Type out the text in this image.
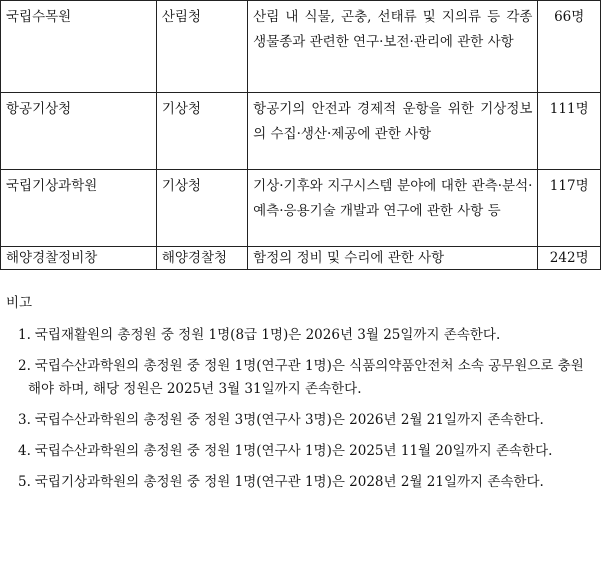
국립수목원	산림청	산림 내 식물, 곤충, 선태류 및 지의류 등 각종 생물종과 관련한 연구·보전·관리에 관한 사항	66명
항공기상청	기상청	항공기의 안전과 경제적 운항을 위한 기상정보의 수집·생산·제공에 관한 사항	111명
국립기상과학원	기상청	기상·기후와 지구시스템 분야에 대한 관측·분석·예측·응용기술 개발과 연구에 관한 사항 등	117명
해양경찰정비창	해양경찰청	함정의 정비 및 수리에 관한 사항	242명

비고

1. 국립재활원의 총정원 중 정원 1명(8급 1명)은 2026년 3월 25일까지 존속한다.
2. 국립수산과학원의 총정원 중 정원 1명(연구관 1명)은 식품의약품안전처 소속 공무원으로 충원해야 하며, 해당 정원은 2025년 3월 31일까지 존속한다.
3. 국립수산과학원의 총정원 중 정원 3명(연구사 3명)은 2026년 2월 21일까지 존속한다.
4. 국립수산과학원의 총정원 중 정원 1명(연구사 1명)은 2025년 11월 20일까지 존속한다.
5. 국립기상과학원의 총정원 중 정원 1명(연구관 1명)은 2028년 2월 21일까지 존속한다.
